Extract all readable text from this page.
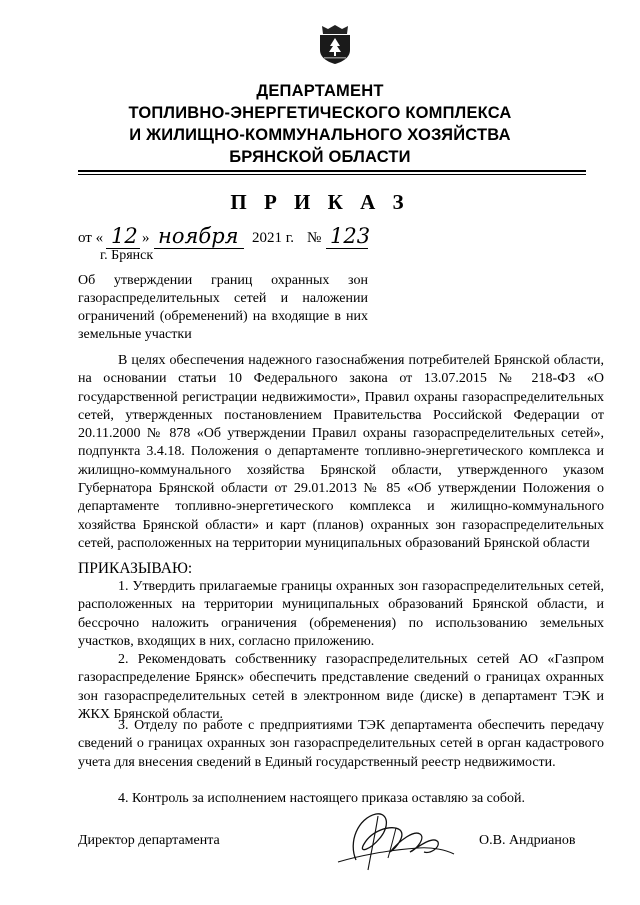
ДЕПАРТАМЕНТ
ТОПЛИВНО-ЭНЕРГЕТИЧЕСКОГО КОМПЛЕКСА
И ЖИЛИЩНО-КОММУНАЛЬНОГО ХОЗЯЙСТВА
БРЯНСКОЙ ОБЛАСТИ
П Р И К А З
от « 12 » ноября 2021 г. № 123
г. Брянск
Об утверждении границ охранных зон газораспределительных сетей и наложении ограничений (обременений) на входящие в них земельные участки

В целях обеспечения надежного газоснабжения потребителей Брянской области, на основании статьи 10 Федерального закона от 13.07.2015 № 218-ФЗ «О государственной регистрации недвижимости», Правил охраны газораспределительных сетей, утвержденных постановлением Правительства Российской Федерации от 20.11.2000 № 878 «Об утверждении Правил охраны газораспределительных сетей», подпункта 3.4.18. Положения о департаменте топливно-энергетического комплекса и жилищно-коммунального хозяйства Брянской области, утвержденного указом Губернатора Брянской области от 29.01.2013 № 85 «Об утверждении Положения о департаменте топливно-энергетического комплекса и жилищно-коммунального хозяйства Брянской области» и карт (планов) охранных зон газораспределительных сетей, расположенных на территории муниципальных образований Брянской области

ПРИКАЗЫВАЮ:

1. Утвердить прилагаемые границы охранных зон газораспределительных сетей, расположенных на территории муниципальных образований Брянской области, и бессрочно наложить ограничения (обременения) по использованию земельных участков, входящих в них, согласно приложению.

2. Рекомендовать собственнику газораспределительных сетей АО «Газпром газораспределение Брянск» обеспечить представление сведений о границах охранных зон газораспределительных сетей в электронном виде (диске) в департамент ТЭК и ЖКХ Брянской области.

3. Отделу по работе с предприятиями ТЭК департамента обеспечить передачу сведений о границах охранных зон газораспределительных сетей в орган кадастрового учета для внесения сведений в Единый государственный реестр недвижимости.

4. Контроль за исполнением настоящего приказа оставляю за собой.

Директор департамента	О.В. Андрианов
